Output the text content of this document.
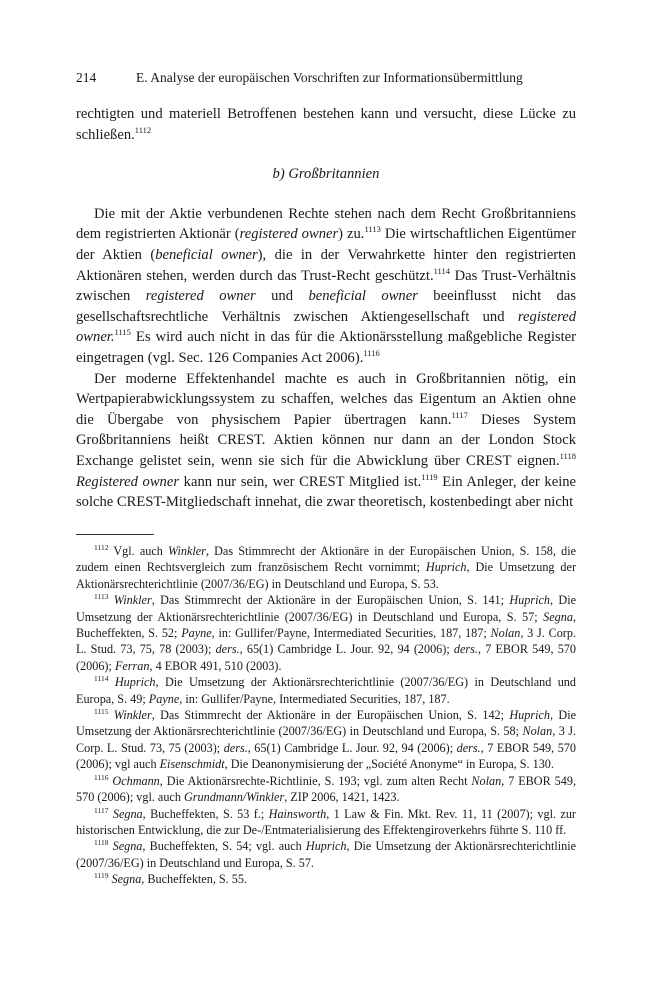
214	E. Analyse der europäischen Vorschriften zur Informationsübermittlung

rechtigten und materiell Betroffenen bestehen kann und versucht, diese Lücke zu schließen.$^{1112}$

b) Großbritannien

Die mit der Aktie verbundenen Rechte stehen nach dem Recht Großbritanniens dem registrierten Aktionär (registered owner) zu.$^{1113}$ Die wirtschaftlichen Eigentümer der Aktien (beneficial owner), die in der Verwahrkette hinter den registrierten Aktionären stehen, werden durch das Trust-Recht geschützt.$^{1114}$ Das Trust-Verhältnis zwischen registered owner und beneficial owner beeinflusst nicht das gesellschaftsrechtliche Verhältnis zwischen Aktiengesellschaft und registered owner.$^{1115}$ Es wird auch nicht in das für die Aktionärsstellung maßgebliche Register eingetragen (vgl. Sec. 126 Companies Act 2006).$^{1116}$

Der moderne Effektenhandel machte es auch in Großbritannien nötig, ein Wertpapierabwicklungssystem zu schaffen, welches das Eigentum an Aktien ohne die Übergabe von physischem Papier übertragen kann.$^{1117}$ Dieses System Großbritanniens heißt CREST. Aktien können nur dann an der London Stock Exchange gelistet sein, wenn sie sich für die Abwicklung über CREST eignen.$^{1118}$ Registered owner kann nur sein, wer CREST Mitglied ist.$^{1119}$ Ein Anleger, der keine solche CREST-Mitgliedschaft innehat, die zwar theoretisch, kostenbedingt aber nicht

$^{1112}$ Vgl. auch Winkler, Das Stimmrecht der Aktionäre in der Europäischen Union, S. 158, die zudem einen Rechtsvergleich zum französischem Recht vornimmt; Huprich, Die Umsetzung der Aktionärsrechterichtlinie (2007/36/EG) in Deutschland und Europa, S. 53.

$^{1113}$ Winkler, Das Stimmrecht der Aktionäre in der Europäischen Union, S. 141; Huprich, Die Umsetzung der Aktionärsrechterichtlinie (2007/36/EG) in Deutschland und Europa, S. 57; Segna, Bucheffekten, S. 52; Payne, in: Gullifer/Payne, Intermediated Securities, 187, 187; Nolan, 3 J. Corp. L. Stud. 73, 75, 78 (2003); ders., 65(1) Cambridge L. Jour. 92, 94 (2006); ders., 7 EBOR 549, 570 (2006); Ferran, 4 EBOR 491, 510 (2003).

$^{1114}$ Huprich, Die Umsetzung der Aktionärsrechterichtlinie (2007/36/EG) in Deutschland und Europa, S. 49; Payne, in: Gullifer/Payne, Intermediated Securities, 187, 187.

$^{1115}$ Winkler, Das Stimmrecht der Aktionäre in der Europäischen Union, S. 142; Huprich, Die Umsetzung der Aktionärsrechterichtlinie (2007/36/EG) in Deutschland und Europa, S. 58; Nolan, 3 J. Corp. L. Stud. 73, 75 (2003); ders., 65(1) Cambridge L. Jour. 92, 94 (2006); ders., 7 EBOR 549, 570 (2006); vgl auch Eisenschmidt, Die Deanonymisierung der „Société Anonyme“ in Europa, S. 130.

$^{1116}$ Ochmann, Die Aktionärsrechte-Richtlinie, S. 193; vgl. zum alten Recht Nolan, 7 EBOR 549, 570 (2006); vgl. auch Grundmann/Winkler, ZIP 2006, 1421, 1423.

$^{1117}$ Segna, Bucheffekten, S. 53 f.; Hainsworth, 1 Law & Fin. Mkt. Rev. 11, 11 (2007); vgl. zur historischen Entwicklung, die zur De-/Entmaterialisierung des Effektengiroverkehrs führte S. 110 ff.

$^{1118}$ Segna, Bucheffekten, S. 54; vgl. auch Huprich, Die Umsetzung der Aktionärsrechterichtlinie (2007/36/EG) in Deutschland und Europa, S. 57.

$^{1119}$ Segna, Bucheffekten, S. 55.
